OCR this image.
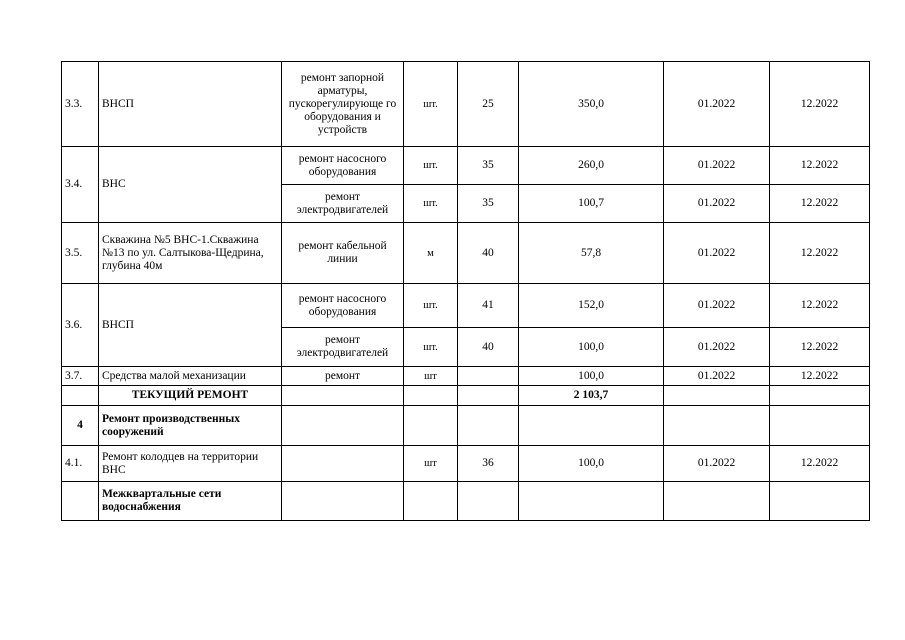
3.3.	ВНСП	ремонт запорной арматуры, пускорегулирующе го оборудования и устройств	шт.	25	350,0	01.2022	12.2022
3.4.	ВНС	ремонт насосного оборудования	шт.	35	260,0	01.2022	12.2022
		ремонт электродвигателей	шт.	35	100,7	01.2022	12.2022
3.5.	Скважина №5 ВНС-1.Скважина №13 по ул. Салтыкова-Щедрина, глубина 40м	ремонт кабельной линии	м	40	57,8	01.2022	12.2022
3.6.	ВНСП	ремонт насосного оборудования	шт.	41	152,0	01.2022	12.2022
		ремонт электродвигателей	шт.	40	100,0	01.2022	12.2022
3.7.	Средства малой механизации	ремонт	шт		100,0	01.2022	12.2022
	ТЕКУЩИЙ РЕМОНТ				2 103,7		
4	Ремонт производственных сооружений						
4.1.	Ремонт колодцев на территории ВНС		шт	36	100,0	01.2022	12.2022
	Межквартальные сети водоснабжения						
